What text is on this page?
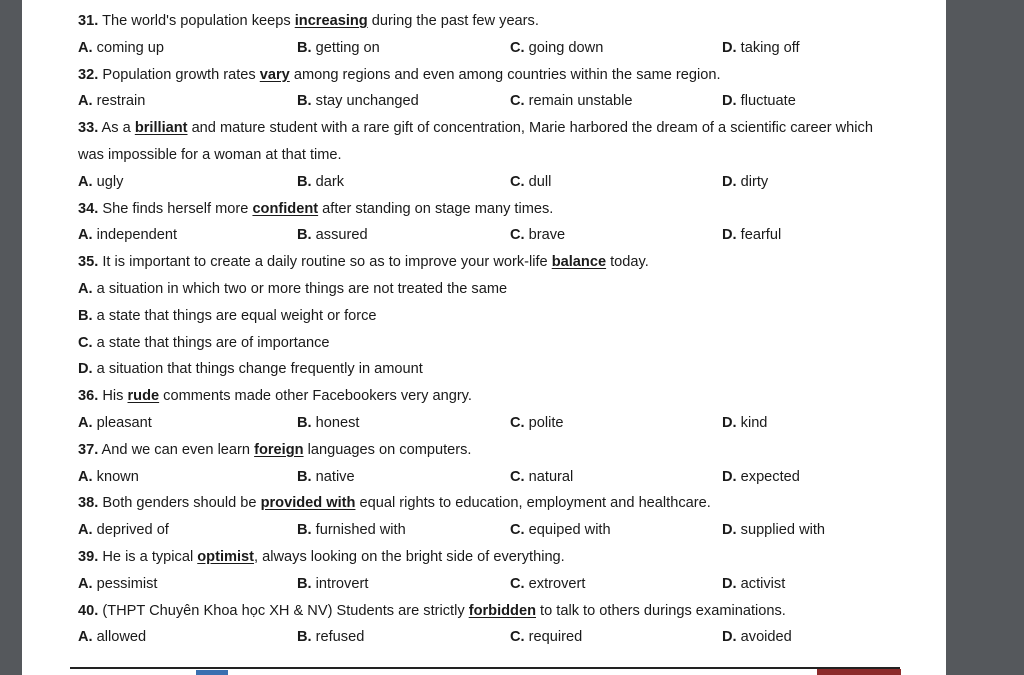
31. The world's population keeps increasing during the past few years.
A. coming up	B. getting on	C. going down	D. taking off
32. Population growth rates vary among regions and even among countries within the same region.
A. restrain	B. stay unchanged	C. remain unstable	D. fluctuate
33. As a brilliant and mature student with a rare gift of concentration, Marie harbored the dream of a scientific career which was impossible for a woman at that time.
A. ugly	B. dark	C. dull	D. dirty
34. She finds herself more confident after standing on stage many times.
A. independent	B. assured	C. brave	D. fearful
35. It is important to create a daily routine so as to improve your work-life balance today.
A. a situation in which two or more things are not treated the same
B. a state that things are equal weight or force
C. a state that things are of importance
D. a situation that things change frequently in amount
36. His rude comments made other Facebookers very angry.
A. pleasant	B. honest	C. polite	D. kind
37. And we can even learn foreign languages on computers.
A. known	B. native	C. natural	D. expected
38. Both genders should be provided with equal rights to education, employment and healthcare.
A. deprived of	B. furnished with	C. equiped with	D. supplied with
39. He is a typical optimist, always looking on the bright side of everything.
A. pessimist	B. introvert	C. extrovert	D. activist
40. (THPT Chuyên Khoa học XH & NV) Students are strictly forbidden to talk to others durings examinations.
A. allowed	B. refused	C. required	D. avoided
